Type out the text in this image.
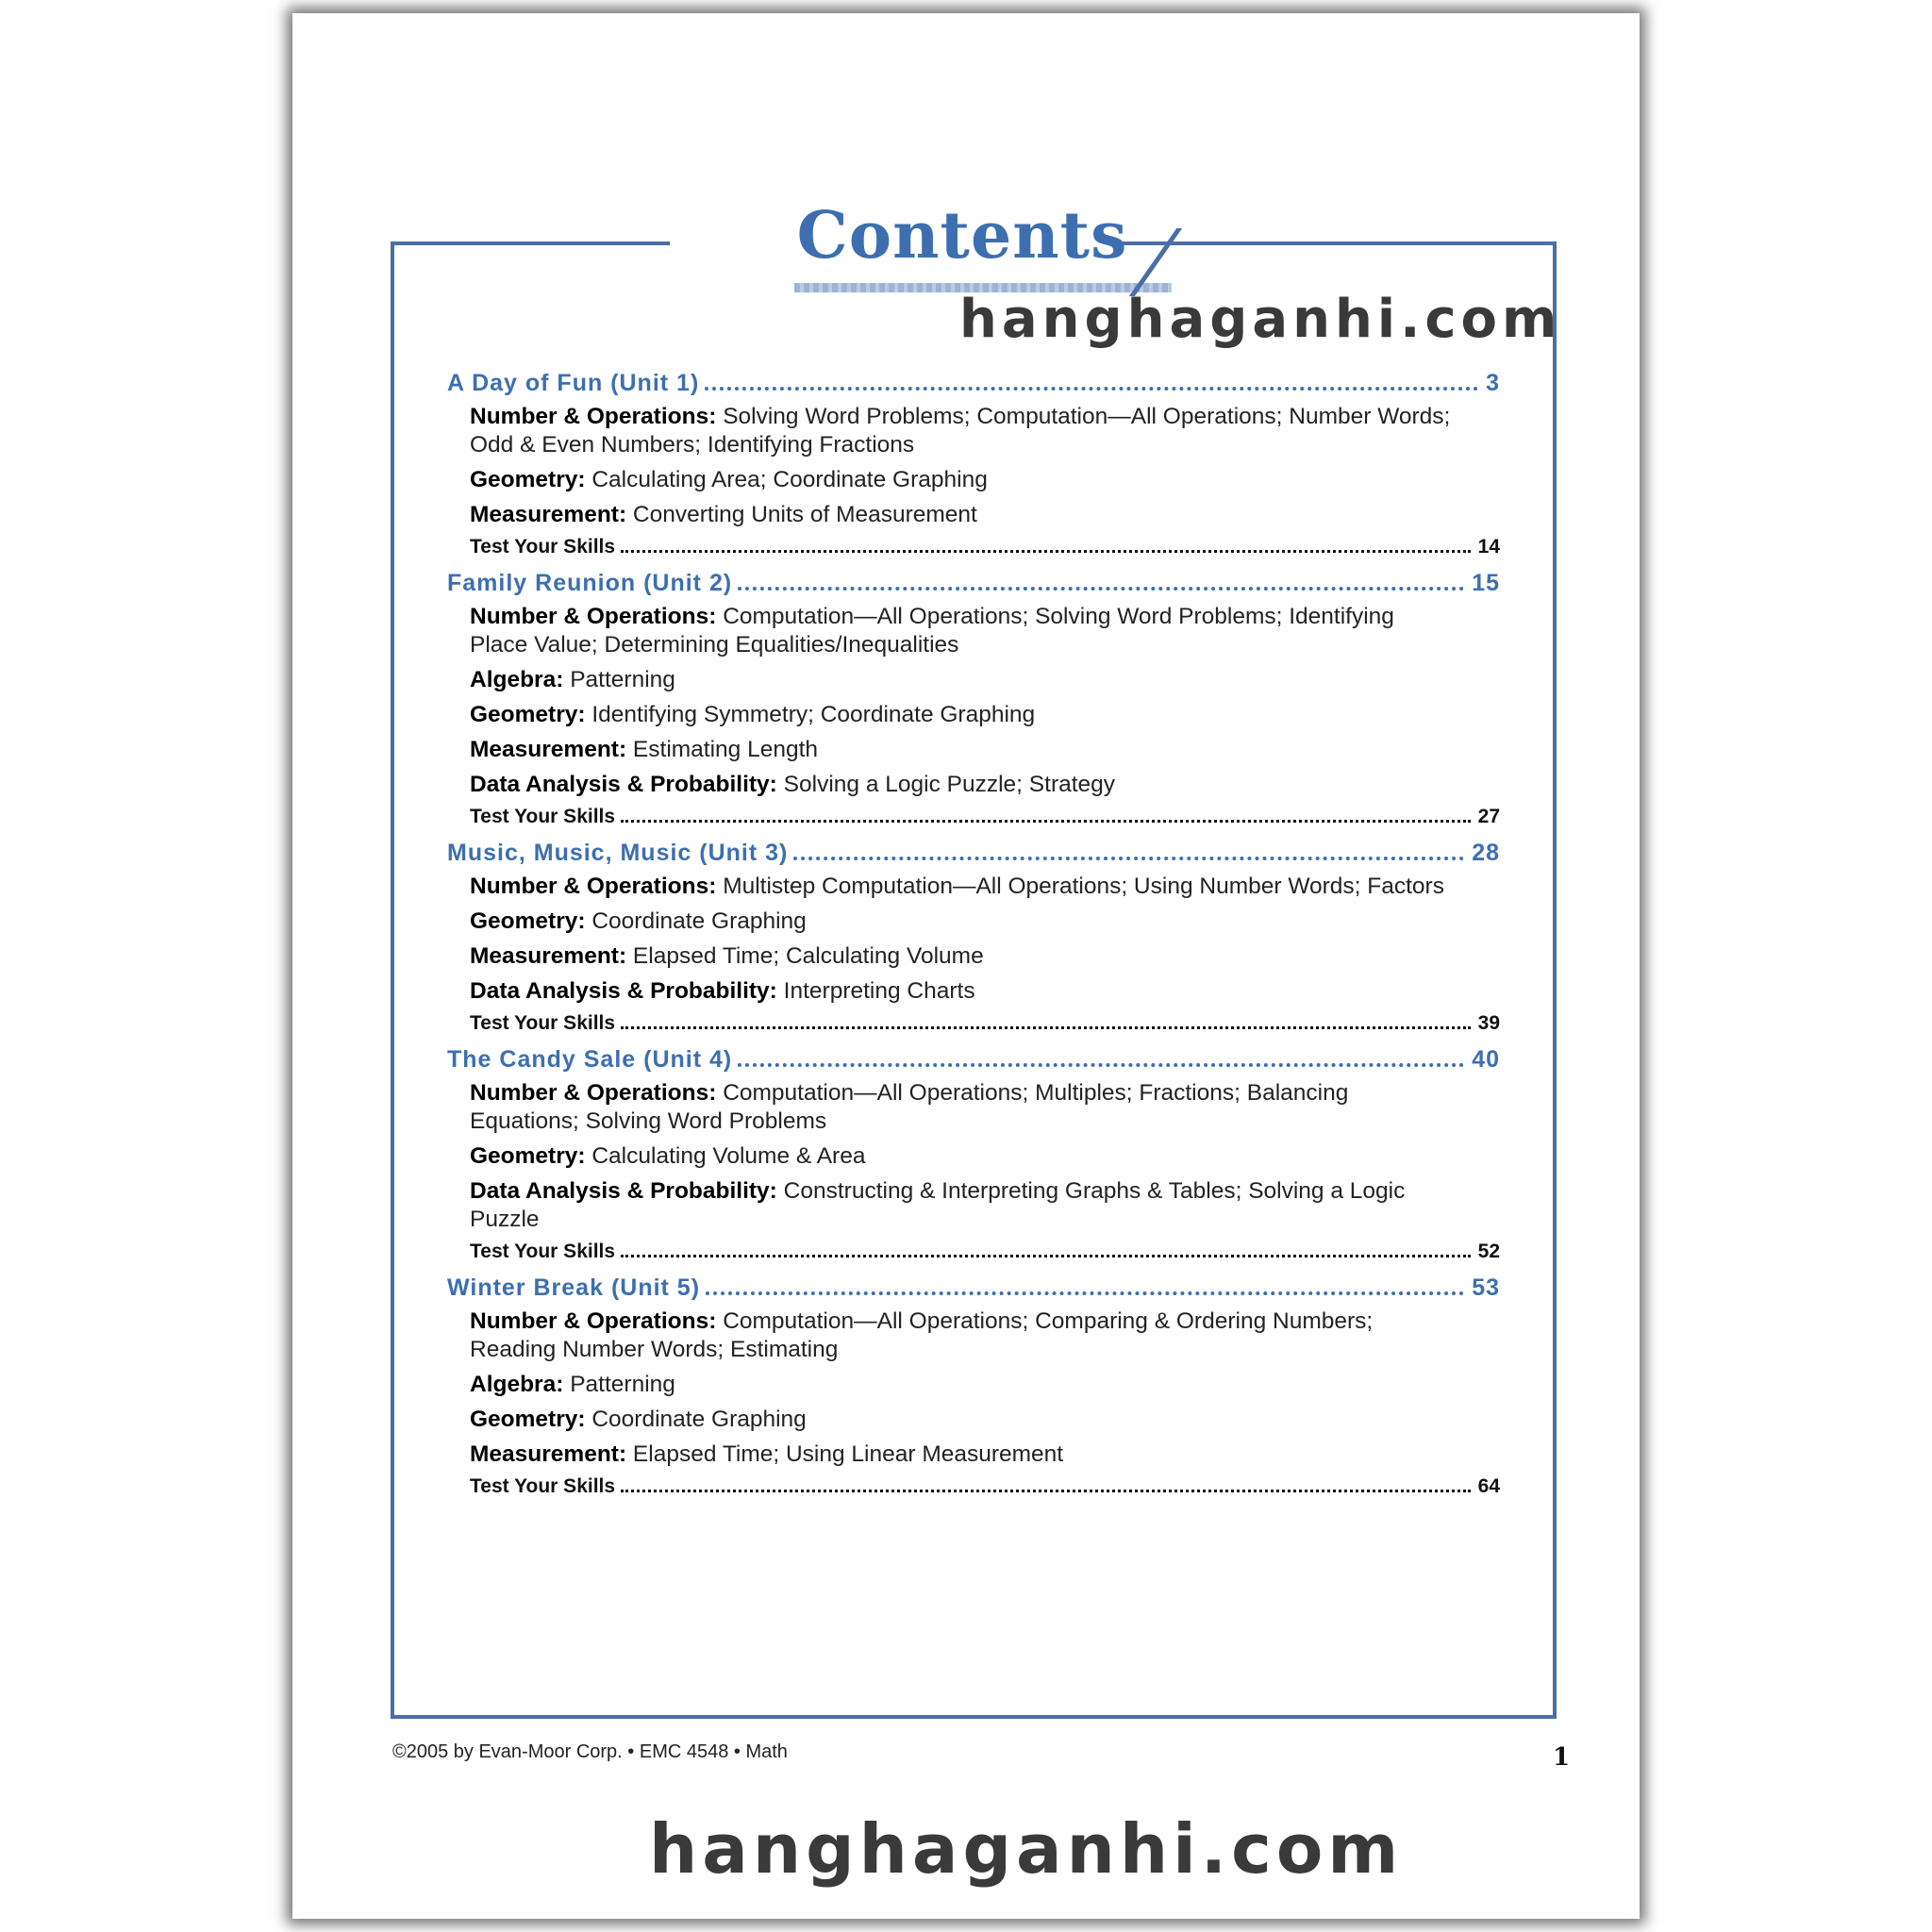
Contents
hanghaganhi.com
A Day of Fun (Unit 1)	3
Number & Operations: Solving Word Problems; Computation—All Operations; Number Words; Odd & Even Numbers; Identifying Fractions
Geometry: Calculating Area; Coordinate Graphing
Measurement: Converting Units of Measurement
Test Your Skills	14
Family Reunion (Unit 2)	15
Number & Operations: Computation—All Operations; Solving Word Problems; Identifying Place Value; Determining Equalities/Inequalities
Algebra: Patterning
Geometry: Identifying Symmetry; Coordinate Graphing
Measurement: Estimating Length
Data Analysis & Probability: Solving a Logic Puzzle; Strategy
Test Your Skills	27
Music, Music, Music (Unit 3)	28
Number & Operations: Multistep Computation—All Operations; Using Number Words; Factors
Geometry: Coordinate Graphing
Measurement: Elapsed Time; Calculating Volume
Data Analysis & Probability: Interpreting Charts
Test Your Skills	39
The Candy Sale (Unit 4)	40
Number & Operations: Computation—All Operations; Multiples; Fractions; Balancing Equations; Solving Word Problems
Geometry: Calculating Volume & Area
Data Analysis & Probability: Constructing & Interpreting Graphs & Tables; Solving a Logic Puzzle
Test Your Skills	52
Winter Break (Unit 5)	53
Number & Operations: Computation—All Operations; Comparing & Ordering Numbers; Reading Number Words; Estimating
Algebra: Patterning
Geometry: Coordinate Graphing
Measurement: Elapsed Time; Using Linear Measurement
Test Your Skills	64
©2005 by Evan-Moor Corp. • EMC 4548 • Math	1
hanghaganhi.com
